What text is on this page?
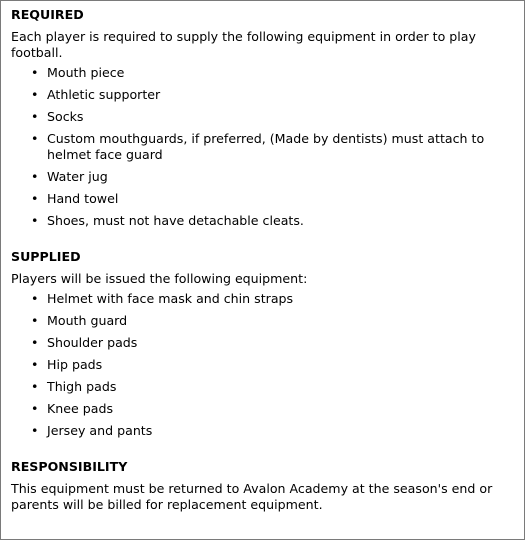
REQUIRED
Each player is required to supply the following equipment in order to play football.
• Mouth piece
• Athletic supporter
• Socks
• Custom mouthguards, if preferred, (Made by dentists) must attach to helmet face guard
• Water jug
• Hand towel
• Shoes, must not have detachable cleats.
SUPPLIED
Players will be issued the following equipment:
• Helmet with face mask and chin straps
• Mouth guard
• Shoulder pads
• Hip pads
• Thigh pads
• Knee pads
• Jersey and pants
RESPONSIBILITY
This equipment must be returned to Avalon Academy at the season's end or parents will be billed for replacement equipment.
